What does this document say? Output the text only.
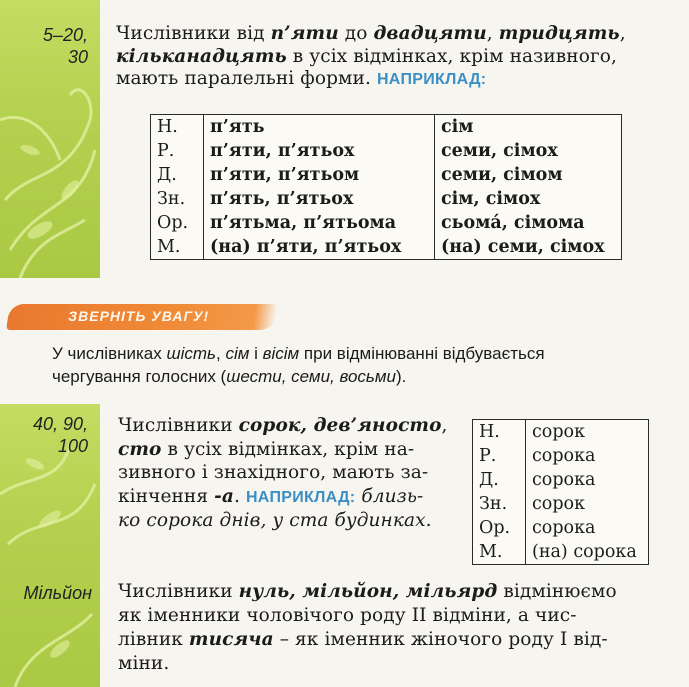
5–20,
30
Числівники від п’яти до двадцяти, тридцять,
кільканадцять в усіх відмінках, крім називного,
мають паралельні форми. НАПРИКЛАД:
Н.	п’ять	сім
Р.	п’яти, п’ятьох	семи, сімох
Д.	п’яти, п’ятьом	семи, сімом
Зн.	п’ять, п’ятьох	сім, сімох
Ор.	п’ятьма, п’ятьома	сьомá, сімома
М.	(на) п’яти, п’ятьох	(на) семи, сімох
ЗВЕРНІТЬ УВАГУ!
У числівниках шість, сім і вісім при відмінюванні відбувається
чергування голосних (шести, семи, восьми).
40, 90,
100
Числівники сорок, дев’яносто,
сто в усіх відмінках, крім на-
зивного і знахідного, мають за-
кінчення -а. НАПРИКЛАД: близь-
ко сорока днів, у ста будинках.
Н.	сорок
Р.	сорока
Д.	сорока
Зн.	сорок
Ор.	сорока
М.	(на) сорока
Мільйон Числівники нуль, мільйон, мільярд відмінюємо
як іменники чоловічого роду II відміни, а чис-
лівник тисяча – як іменник жіночого роду I від-
міни.
